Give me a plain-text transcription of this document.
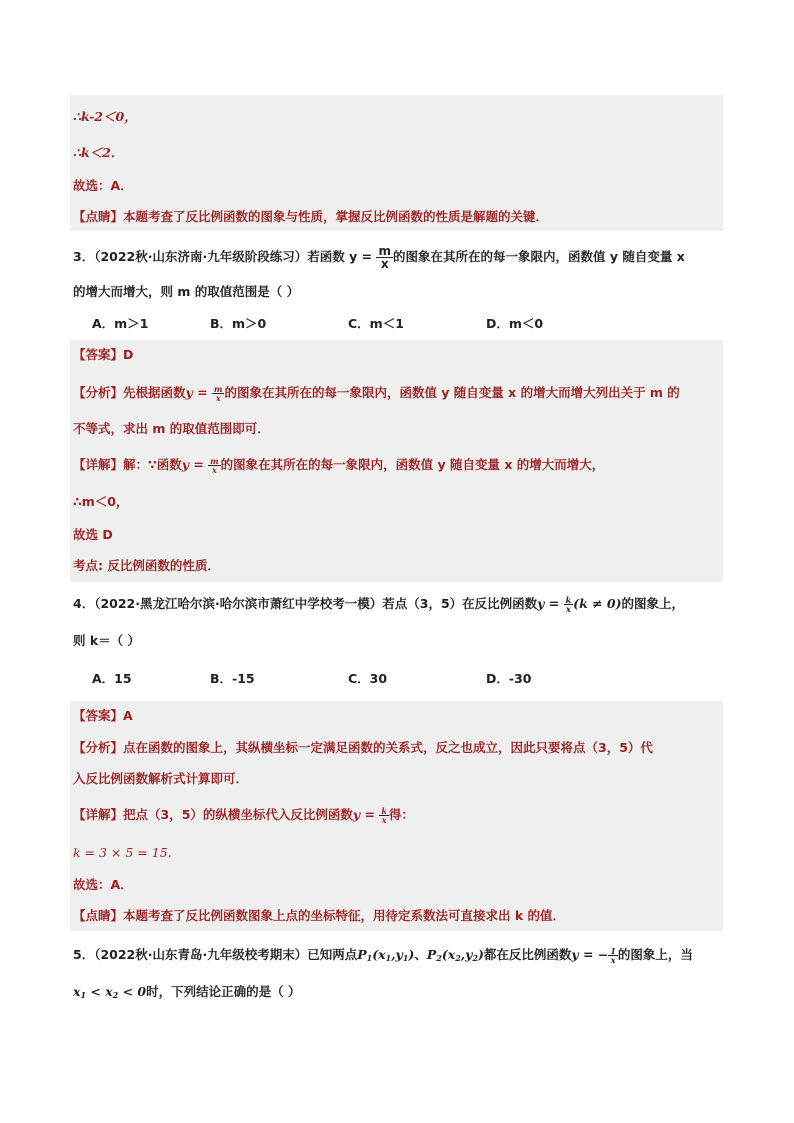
∴k-2＜0，
∴k＜2．
故选：A．
【点睛】本题考查了反比例函数的图象与性质，掌握反比例函数的性质是解题的关键．
3．（2022秋·山东济南·九年级阶段练习）若函数 $y = \frac{m}{x}$ 的图象在其所在的每一象限内，函数值 y 随自变量 x
的增大而增大，则 m 的取值范围是（ ）
A．m＞1	B．m＞0	C．m＜1	D．m＜0
【答案】D
【分析】先根据函数$y = \frac{m}{x}$ 的图象在其所在的每一象限内，函数值 y 随自变量 x 的增大而增大列出关于 m 的
不等式，求出 m 的取值范围即可．
【详解】解：∵函数$y = \frac{m}{x}$ 的图象在其所在的每一象限内，函数值 y 随自变量 x 的增大而增大，
∴m＜0，
故选 D
考点: 反比例函数的性质．
4．（2022·黑龙江哈尔滨·哈尔滨市萧红中学校考一模）若点（3，5）在反比例函数$y = \frac{k}{x} (k \ne 0)$的图象上，
则 k＝（ ）
A．15	B．-15	C．30	D．-30
【答案】A
【分析】点在函数的图象上，其纵横坐标一定满足函数的关系式，反之也成立，因此只要将点（3，5）代
入反比例函数解析式计算即可．
【详解】把点（3，5）的纵横坐标代入反比例函数$y = \frac{k}{x}$ 得：
k = 3 × 5 = 15.
故选：A．
【点睛】本题考查了反比例函数图象上点的坐标特征，用待定系数法可直接求出 k 的值．
5．（2022秋·山东青岛·九年级校考期末）已知两点$P_1(x_1,y_1)$、$P_2(x_2,y_2)$都在反比例函数y = − $\frac{1}{x}$ 的图象上，当
$x_1 < x_2 < 0$时，下列结论正确的是（ ）
